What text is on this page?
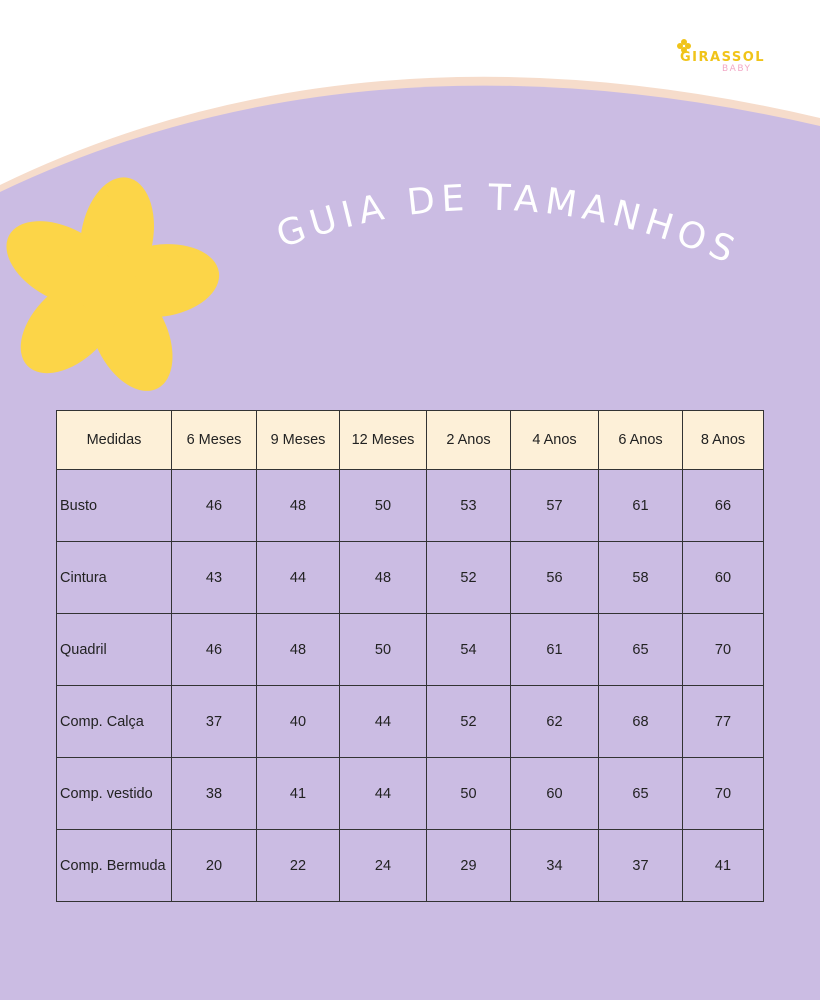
GIRASSOL
BABY
GUIA DE TAMANHOS
Medidas	6 Meses	9 Meses	12 Meses	2 Anos	4 Anos	6 Anos	8 Anos
Busto	46	48	50	53	57	61	66
Cintura	43	44	48	52	56	58	60
Quadril	46	48	50	54	61	65	70
Comp. Calça	37	40	44	52	62	68	77
Comp. vestido	38	41	44	50	60	65	70
Comp. Bermuda	20	22	24	29	34	37	41
